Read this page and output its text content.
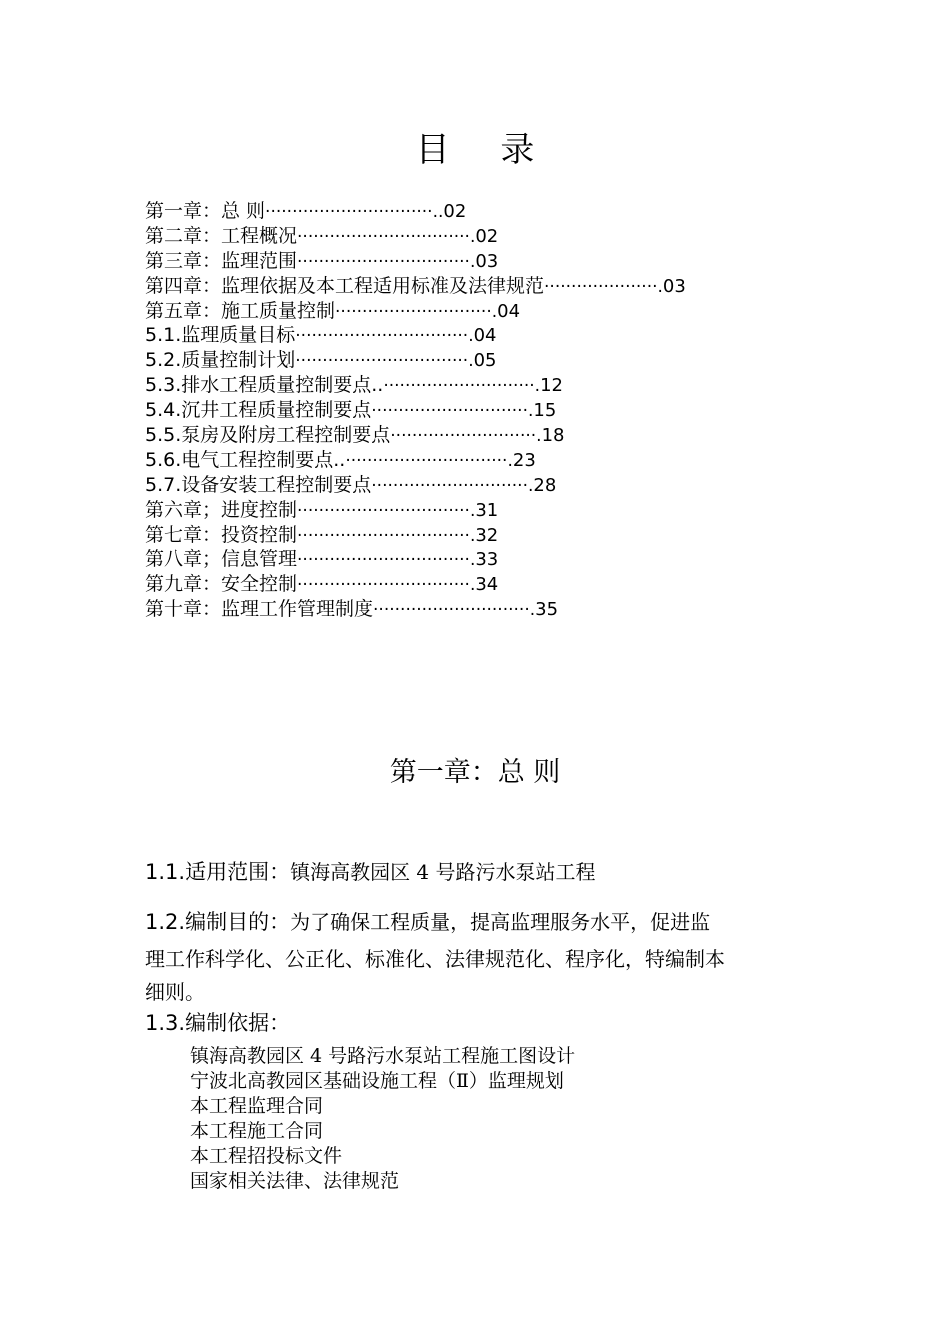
目 录
第一章：总 则 ·······························.. 02
第二章：工程概况 ································. 02
第三章：监理范围 ································. 03
第四章：监理依据及本工程适用标准及法律规范 ·····················. 03
第五章：施工质量控制 ·····························. 04
5.1.监理质量目标 ································. 04
5.2.质量控制计划 ································. 05
5.3.排水工程质量控制要点.. ····························. 12
5.4.沉井工程质量控制要点 ·····························. 15
5.5.泵房及附房工程控制要点 ···························. 18
5.6.电气工程控制要点.. ······························. 23
5.7.设备安装工程控制要点 ·····························. 28
第六章；进度控制 ································. 31
第七章：投资控制 ································. 32
第八章；信息管理 ································. 33
第九章：安全控制 ································. 34
第十章：监理工作管理制度 ·····························. 35
第一章：总 则
1.1.适用范围：镇海高教园区 4 号路污水泵站工程
1.2.编制目的：为了确保工程质量，提高监理服务水平，促进监
理工作科学化、公正化、标准化、法律规范化、程序化，特编制本
细则。
1.3.编制依据：
镇海高教园区 4 号路污水泵站工程施工图设计
宁波北高教园区基础设施工程（Ⅱ）监理规划
本工程监理合同
本工程施工合同
本工程招投标文件
国家相关法律、法律规范
